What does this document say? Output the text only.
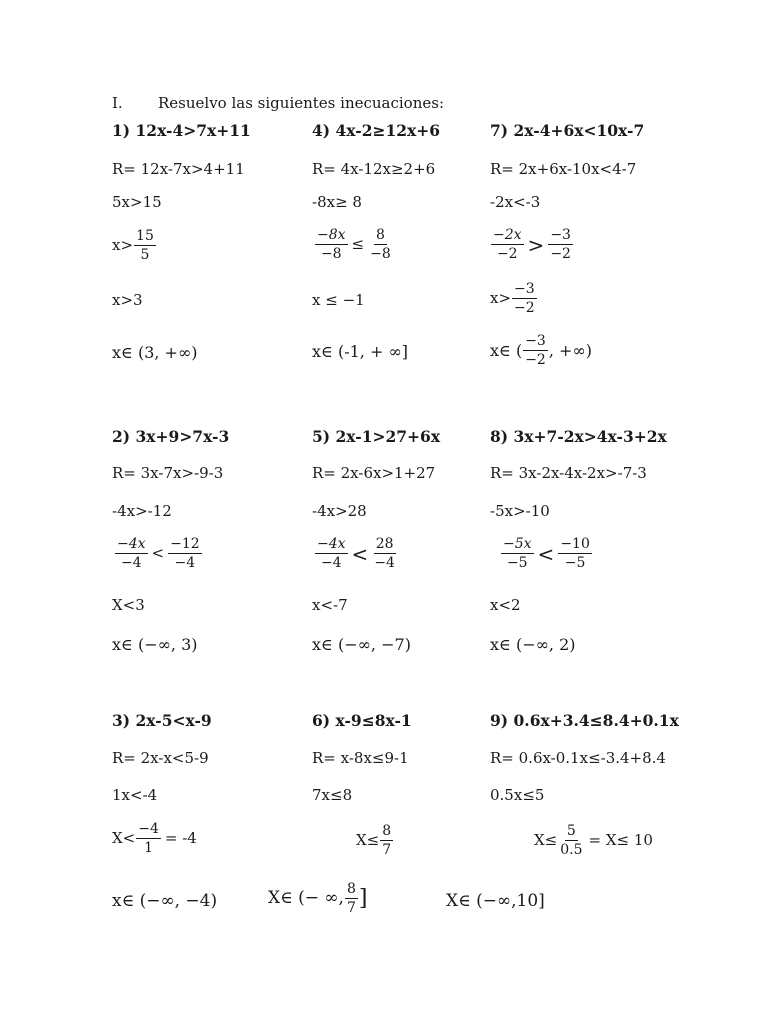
I. Resuelvo las siguientes inecuaciones:
1) 12x-4>7x+11
R= 12x-7x>4+11
5x>15
$x> \frac{15}{5}$
x>3
x∈ (3, +∞)
2) 3x+9>7x-3
R= 3x-7x>-9-3
-4x>-12
$\frac{-4x}{-4} < \frac{-12}{-4}$
X<3
x∈ (−∞, 3)
3) 2x-5<x-9
R= 2x-x<5-9
1x<-4
$X< \frac{-4}{1} = -4$
x∈ (−∞, −4)
4) 4x-2≥12x+6
R= 4x-12x≥2+6
-8x≥ 8
$\frac{-8x}{-8} \le \frac{8}{-8}$
x ≤ −1
x∈ (-1, + ∞]
5) 2x-1>27+6x
R= 2x-6x>1+27
-4x>28
$\frac{-4x}{-4} < \frac{28}{-4}$
x<-7
x∈ (−∞, −7)
6) x-9≤8x-1
R= x-8x≤9-1
7x≤8
$X\le \frac{8}{7}$
X∈ (− ∞, $\frac{8}{7}$ ]
7) 2x-4+6x<10x-7
R= 2x+6x-10x<4-7
-2x<-3
$\frac{-2x}{-2} > \frac{-3}{-2}$
$x> \frac{-3}{-2}$
x∈ ( $\frac{-3}{-2}$ , +∞)
8) 3x+7-2x>4x-3+2x
R= 3x-2x-4x-2x>-7-3
-5x>-10
$\frac{-5x}{-5} < \frac{-10}{-5}$
x<2
x∈ (−∞, 2)
9) 0.6x+3.4≤8.4+0.1x
R= 0.6x-0.1x≤-3.4+8.4
0.5x≤5
$X\le \frac{5}{0.5} = X\le 10$
X∈ (−∞,10]
